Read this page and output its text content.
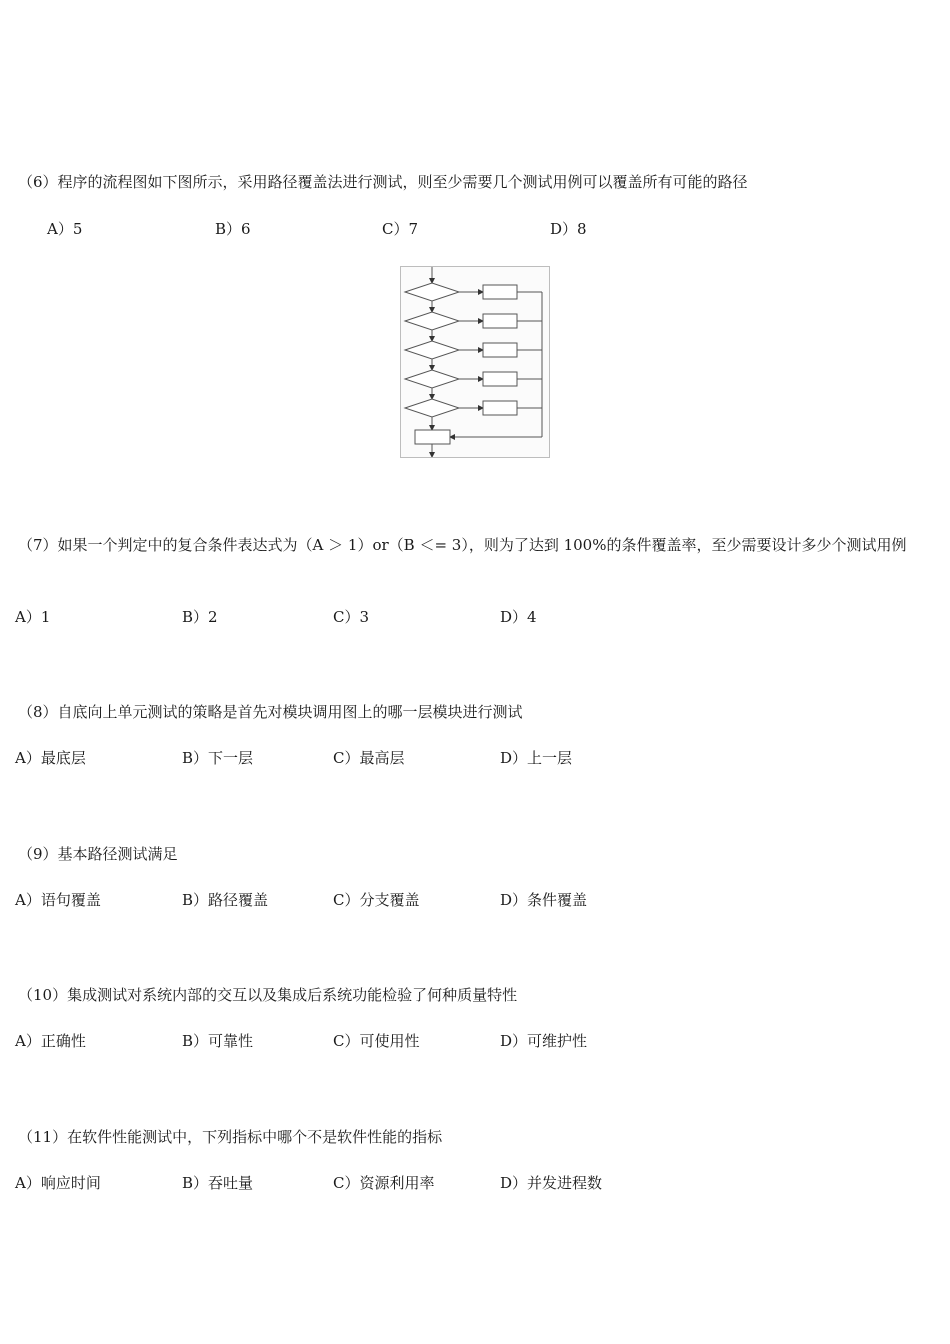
（6）程序的流程图如下图所示，采用路径覆盖法进行测试，则至少需要几个测试用例可以覆盖所有可能的路径
A）5	B）6	C）7	D）8
（7）如果一个判定中的复合条件表达式为（A ＞ 1）or（B ＜= 3），则为了达到 100%的条件覆盖率，至少需要设计多少个测试用例
A）1	B）2	C）3	D）4
（8）自底向上单元测试的策略是首先对模块调用图上的哪一层模块进行测试
A）最底层	B）下一层	C）最高层	D）上一层
（9）基本路径测试满足
A）语句覆盖	B）路径覆盖	C）分支覆盖	D）条件覆盖
（10）集成测试对系统内部的交互以及集成后系统功能检验了何种质量特性
A）正确性	B）可靠性	C）可使用性	D）可维护性
（11）在软件性能测试中，下列指标中哪个不是软件性能的指标
A）响应时间	B）吞吐量	C）资源利用率	D）并发进程数
